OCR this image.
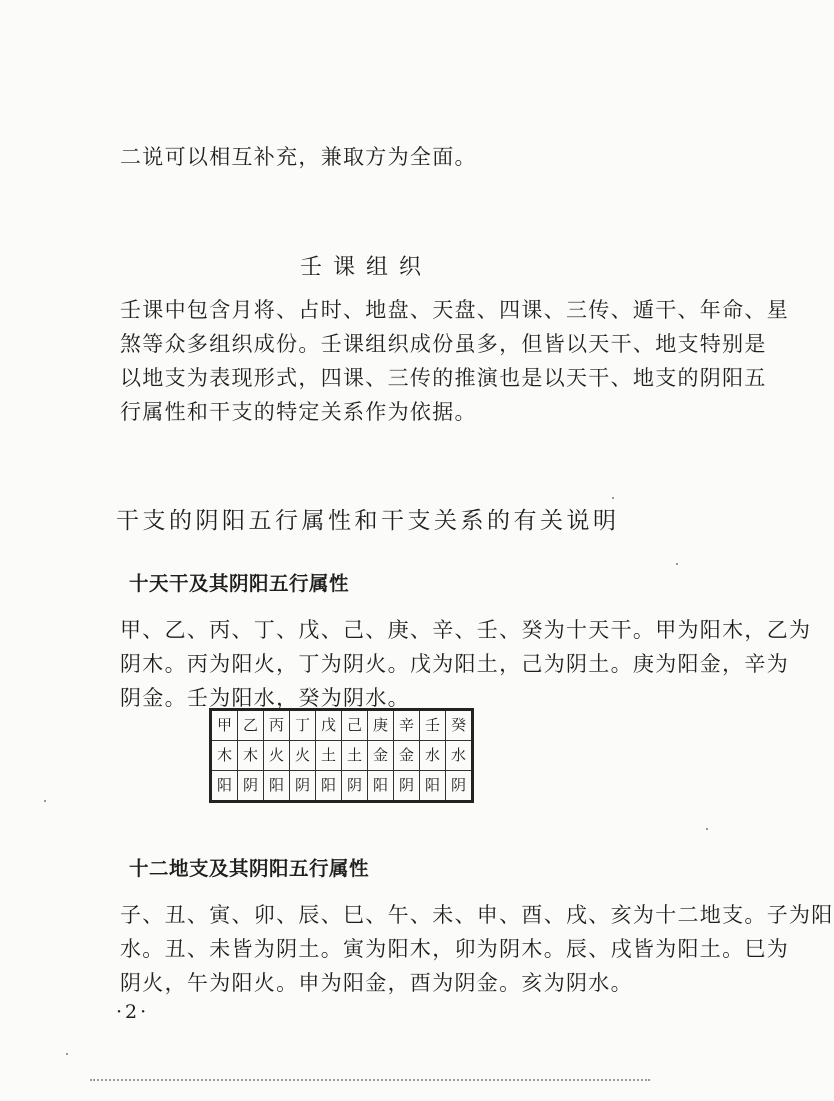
二说可以相互补充，兼取方为全面。

壬课组织

壬课中包含月将、占时、地盘、天盘、四课、三传、遁干、年命、星

煞等众多组织成份。壬课组织成份虽多，但皆以天干、地支特别是

以地支为表现形式，四课、三传的推演也是以天干、地支的阴阳五

行属性和干支的特定关系作为依据。

干支的阴阳五行属性和干支关系的有关说明
十天干及其阴阳五行属性

甲、乙、丙、丁、戊、己、庚、辛、壬、癸为十天干。甲为阳木，乙为

阴木。丙为阳火，丁为阴火。戊为阳土，己为阴土。庚为阳金，辛为

阴金。壬为阳水，癸为阴水。

甲	乙	丙	丁	戊	己	庚	辛	壬	癸
木	木	火	火	土	土	金	金	水	水
阳	阴	阳	阴	阳	阴	阳	阴	阳	阴
十二地支及其阴阳五行属性

子、丑、寅、卯、辰、巳、午、未、申、酉、戌、亥为十二地支。子为阳

水。丑、未皆为阴土。寅为阳木，卯为阴木。辰、戌皆为阳土。巳为

阴火，午为阳火。申为阳金，酉为阴金。亥为阴水。

·2·
